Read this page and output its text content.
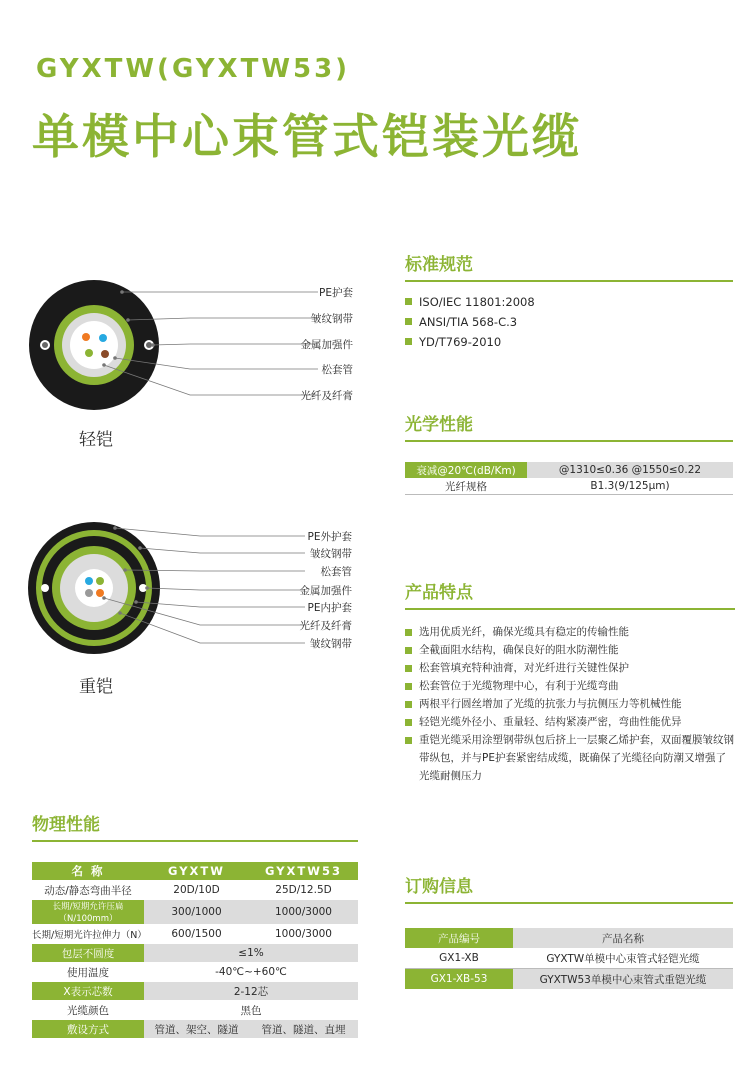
GYXTW(GYXTW53)
单模中心束管式铠装光缆
PE护套
皱纹钢带
金属加强件
松套管
光纤及纤膏
轻铠
PE外护套
皱纹钢带
松套管
金属加强件
PE内护套
光纤及纤膏
皱纹钢带
重铠
标准规范
ISO/IEC 11801:2008
ANSI/TIA 568-C.3
YD/T769-2010
光学性能
衰减@20℃(dB/Km)	@1310≤0.36 @1550≤0.22
光纤规格	B1.3(9/125μm)
产品特点
选用优质光纤，确保光缆具有稳定的传输性能
全截面阻水结构，确保良好的阻水防潮性能
松套管填充特种油膏，对光纤进行关键性保护
松套管位于光缆物理中心，有利于光缆弯曲
两根平行圆丝增加了光缆的抗张力与抗侧压力等机械性能
轻铠光缆外径小、重量轻、结构紧凑严密，弯曲性能优异
重铠光缆采用涂塑钢带纵包后挤上一层聚乙烯护套，双面覆膜皱纹钢带纵包，并与PE护套紧密结成缆，既确保了光缆径向防潮又增强了光缆耐侧压力
物理性能
名 称	GYXTW	GYXTW53
动态/静态弯曲半径	20D/10D	25D/12.5D
长期/短期允许压扁（N/100mm）	300/1000	1000/3000
长期/短期光许拉伸力（N）	600/1500	1000/3000
包层不圆度	≤1%	
使用温度	-40℃~+60℃	
X表示芯数	2-12芯	
光缆颜色	黑色	
敷设方式	管道、架空、隧道	管道、隧道、直埋
订购信息
产品编号	产品名称
GX1-XB	GYXTW单模中心束管式轻铠光缆
GX1-XB-53	GYXTW53单模中心束管式重铠光缆
